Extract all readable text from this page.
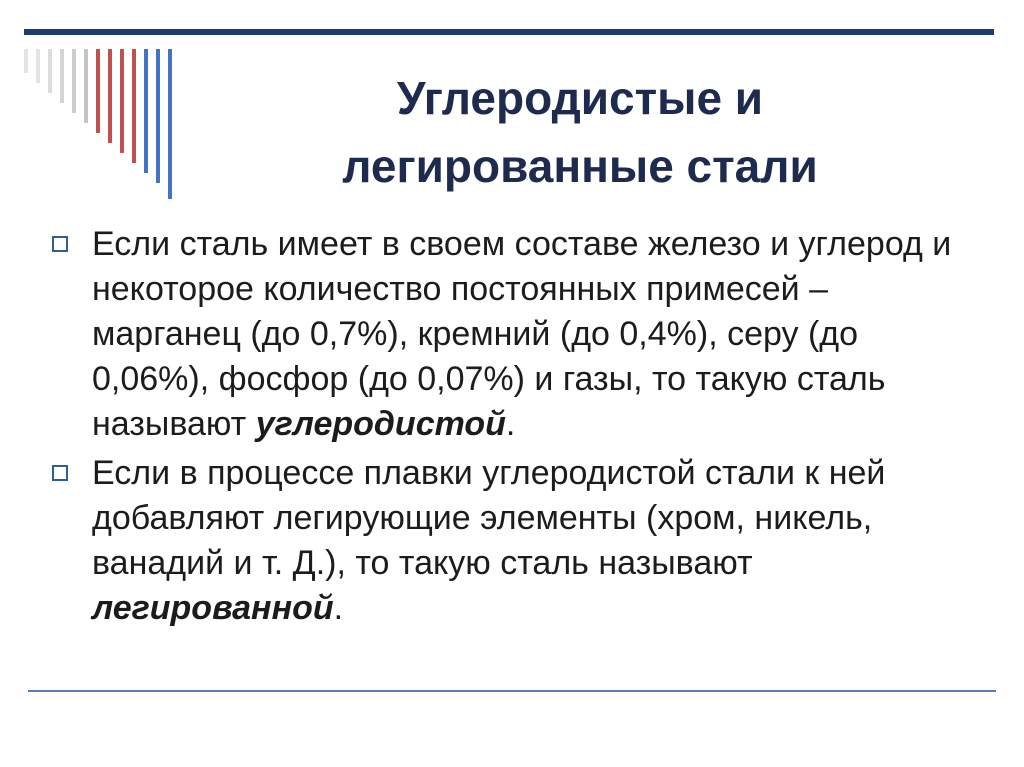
Углеродистые и
легированные стали
Если сталь имеет в своем составе железо и углерод и некоторое количество постоянных примесей – марганец (до 0,7%), кремний (до 0,4%), серу (до 0,06%), фосфор (до 0,07%) и газы, то такую сталь называют углеродистой.
Если в процессе плавки углеродистой стали к ней добавляют легирующие элементы (хром, никель, ванадий и т. Д.), то такую сталь называют легированной.
